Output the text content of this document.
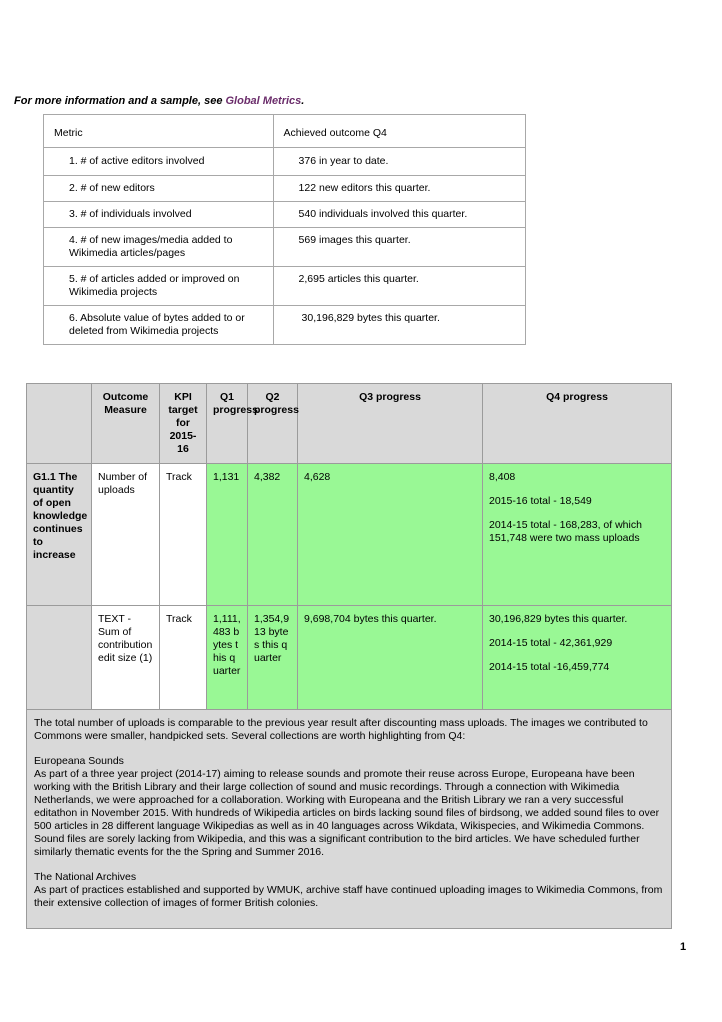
For more information and a sample, see Global Metrics.
Metric	Achieved outcome Q4
1. # of active editors involved	376 in year to date.
2. # of new editors	122 new editors this quarter.
3. # of individuals involved	540 individuals involved this quarter.
4. # of new images/media added to Wikimedia articles/pages	569 images this quarter.
5. # of articles added or improved on Wikimedia projects	2,695 articles this quarter.
6. Absolute value of bytes added to or deleted from Wikimedia projects	30,196,829 bytes this quarter.
	Outcome Measure	KPI target for 2015-16	Q1 progress	Q2 progress	Q3 progress	Q4 progress
G1.1 The quantity of open knowledge continues to increase	Number of uploads	Track	1,131	4,382	4,628	8,408
2015-16 total - 18,549
2014-15 total - 168,283, of which 151,748 were two mass uploads

	TEXT - Sum of contribution edit size (1)	Track	1,111,483 bytes this quarter	1,354,913 bytes this quarter	9,698,704 bytes this quarter.	30,196,829 bytes this quarter.
2014-15 total - 42,361,929
2014-15 total -16,459,774

The total number of uploads is comparable to the previous year result after discounting mass uploads. The images we contributed to Commons were smaller, handpicked sets. Several collections are worth highlighting from Q4:

Europeana Sounds

As part of a three year project (2014-17) aiming to release sounds and promote their reuse across Europe, Europeana have been working with the British Library and their large collection of sound and music recordings. Through a connection with Wikimedia Netherlands, we were approached for a collaboration. Working with Europeana and the British Library we ran a very successful editathon in November 2015. With hundreds of Wikipedia articles on birds lacking sound files of birdsong, we added sound files to over 500 articles in 28 different language Wikipedias as well as in 40 languages across Wikdata, Wikispecies, and Wikimedia Commons. Sound files are sorely lacking from Wikipedia, and this was a significant contribution to the bird articles. We have scheduled further similarly thematic events for the the Spring and Summer 2016.

The National Archives

As part of practices established and supported by WMUK, archive staff have continued uploading images to Wikimedia Commons, from their extensive collection of images of former British colonies.						

1
